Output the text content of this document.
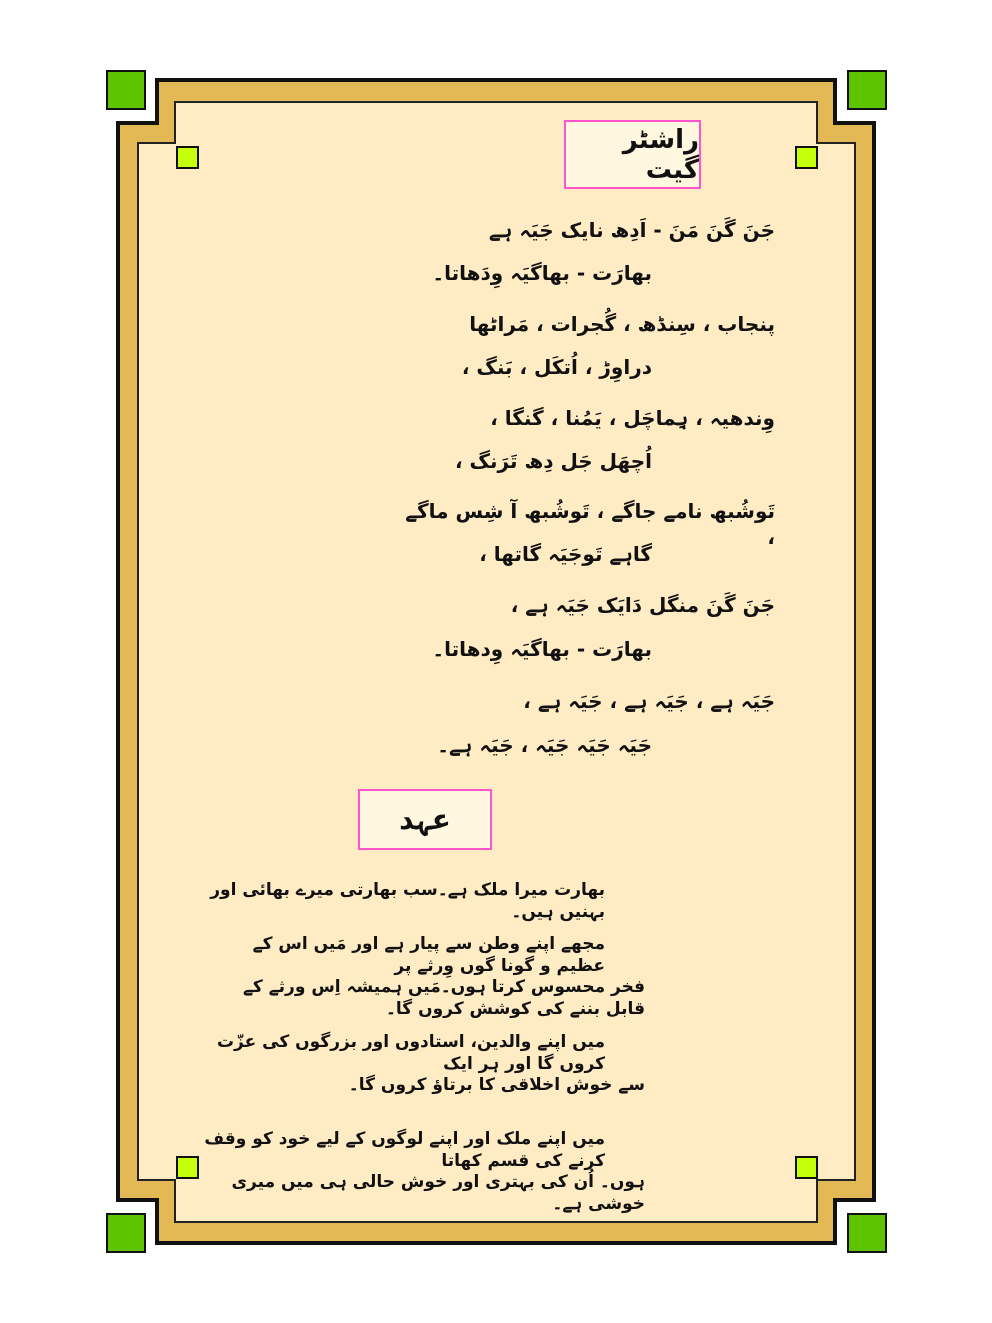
راشٹر گیت
جَنَ گَنَ مَنَ - اَدِھ نایک جَیَہ ہے
بھارَت - بھاگیَہ وِدَھاتا۔
پنجاب ، سِنڈھ ، گُجرات ، مَراٹھا
دراوِڑ ، اُتکَل ، بَنگ ،
وِندھیہ ، ہِماچَل ، یَمُنا ، گنگا ،
اُچھَل جَل دِھ تَرَنگ ،
تَوشُبھ نامے جاگے ، تَوشُبھ آ شِس ماگے ،
گاہے تَوجَیَہ گاتھا ،
جَنَ گَنَ منگل دَایَک جَیَہ ہے ،
بھارَت - بھاگیَہ وِدھاتا۔
جَیَہ ہے ، جَیَہ ہے ، جَیَہ ہے ،
جَیَہ جَیَہ جَیَہ ، جَیَہ ہے۔
عہد
بھارت میرا ملک ہے۔سب بھارتی میرے بھائی اور بہنیں ہیں۔
مجھے اپنے وطن سے پیار ہے اور مَیں اس کے عظیم و گونا گوں وِرثے پر
فخر محسوس کرتا ہوں۔مَیں ہمیشہ اِس ورثے کے قابل بننے کی کوشش کروں گا۔
میں اپنے والدین، استادوں اور بزرگوں کی عزّت کروں گا اور ہر ایک
سے خوش اخلاقی کا برتاؤ کروں گا۔
میں اپنے ملک اور اپنے لوگوں کے لیے خود کو وقف کرنے کی قسم کھاتا
ہوں۔ اُن کی بہتری اور خوش حالی ہی میں میری خوشی ہے۔
